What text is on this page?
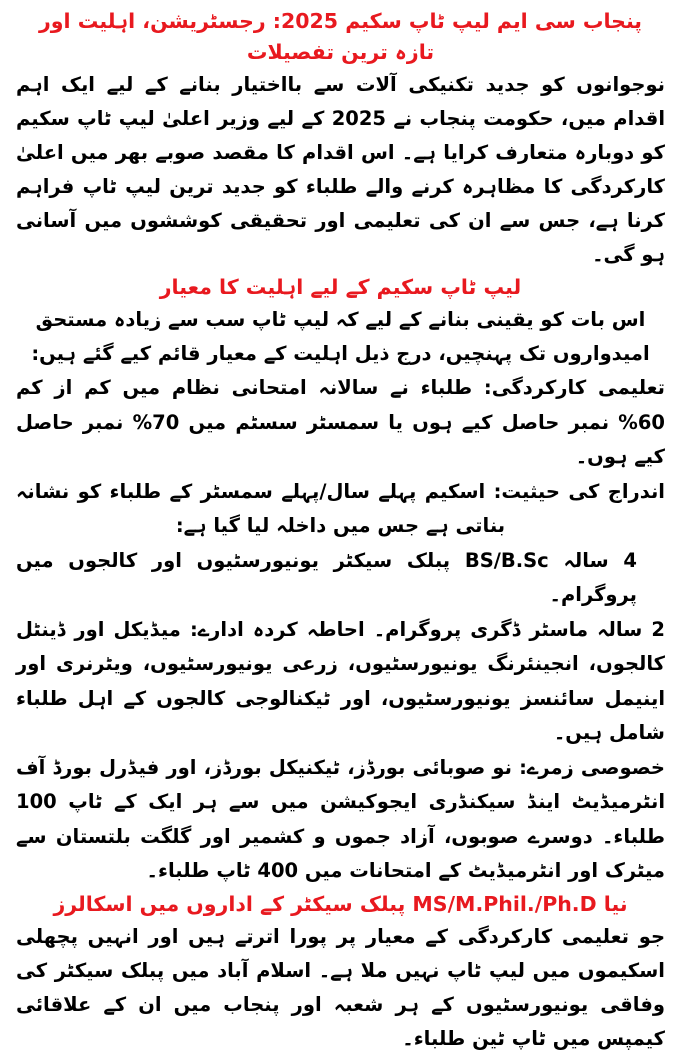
پنجاب سی ایم لیپ ٹاپ سکیم 2025: رجسٹریشن، اہلیت اور تازہ ترین تفصیلات

نوجوانوں کو جدید تکنیکی آلات سے بااختیار بنانے کے لیے ایک اہم اقدام میں، حکومت پنجاب نے 2025 کے لیے وزیر اعلیٰ لیپ ٹاپ سکیم کو دوبارہ متعارف کرایا ہے۔ اس اقدام کا مقصد صوبے بھر میں اعلیٰ کارکردگی کا مظاہرہ کرنے والے طلباء کو جدید ترین لیپ ٹاپ فراہم کرنا ہے، جس سے ان کی تعلیمی اور تحقیقی کوششوں میں آسانی ہو گی۔

لیپ ٹاپ سکیم کے لیے اہلیت کا معیار

اس بات کو یقینی بنانے کے لیے کہ لیپ ٹاپ سب سے زیادہ مستحق امیدواروں تک پہنچیں، درج ذیل اہلیت کے معیار قائم کیے گئے ہیں:

تعلیمی کارکردگی: طلباء نے سالانہ امتحانی نظام میں کم از کم 60% نمبر حاصل کیے ہوں یا سمسٹر سسٹم میں 70% نمبر حاصل کیے ہوں۔

اندراج کی حیثیت: اسکیم پہلے سال/پہلے سمسٹر کے طلباء کو نشانہ بناتی ہے جس میں داخلہ لیا گیا ہے:

4 سالہ BS/B.Sc پبلک سیکٹر یونیورسٹیوں اور کالجوں میں پروگرام۔

2 سالہ ماسٹر ڈگری پروگرام۔ احاطہ کردہ ادارے: میڈیکل اور ڈینٹل کالجوں، انجینئرنگ یونیورسٹیوں، زرعی یونیورسٹیوں، ویٹرنری اور اینیمل سائنسز یونیورسٹیوں، اور ٹیکنالوجی کالجوں کے اہل طلباء شامل ہیں۔

خصوصی زمرے: نو صوبائی بورڈز، ٹیکنیکل بورڈز، اور فیڈرل بورڈ آف انٹرمیڈیٹ اینڈ سیکنڈری ایجوکیشن میں سے ہر ایک کے ٹاپ 100 طلباء۔ دوسرے صوبوں، آزاد جموں و کشمیر اور گلگت بلتستان سے میٹرک اور انٹرمیڈیٹ کے امتحانات میں 400 ٹاپ طلباء۔

نیا MS/M.Phil./Ph.D پبلک سیکٹر کے اداروں میں اسکالرز

جو تعلیمی کارکردگی کے معیار پر پورا اترتے ہیں اور انہیں پچھلی اسکیموں میں لیپ ٹاپ نہیں ملا ہے۔ اسلام آباد میں پبلک سیکٹر کی وفاقی یونیورسٹیوں کے ہر شعبہ اور پنجاب میں ان کے علاقائی کیمپس میں ٹاپ ٹین طلباء۔
